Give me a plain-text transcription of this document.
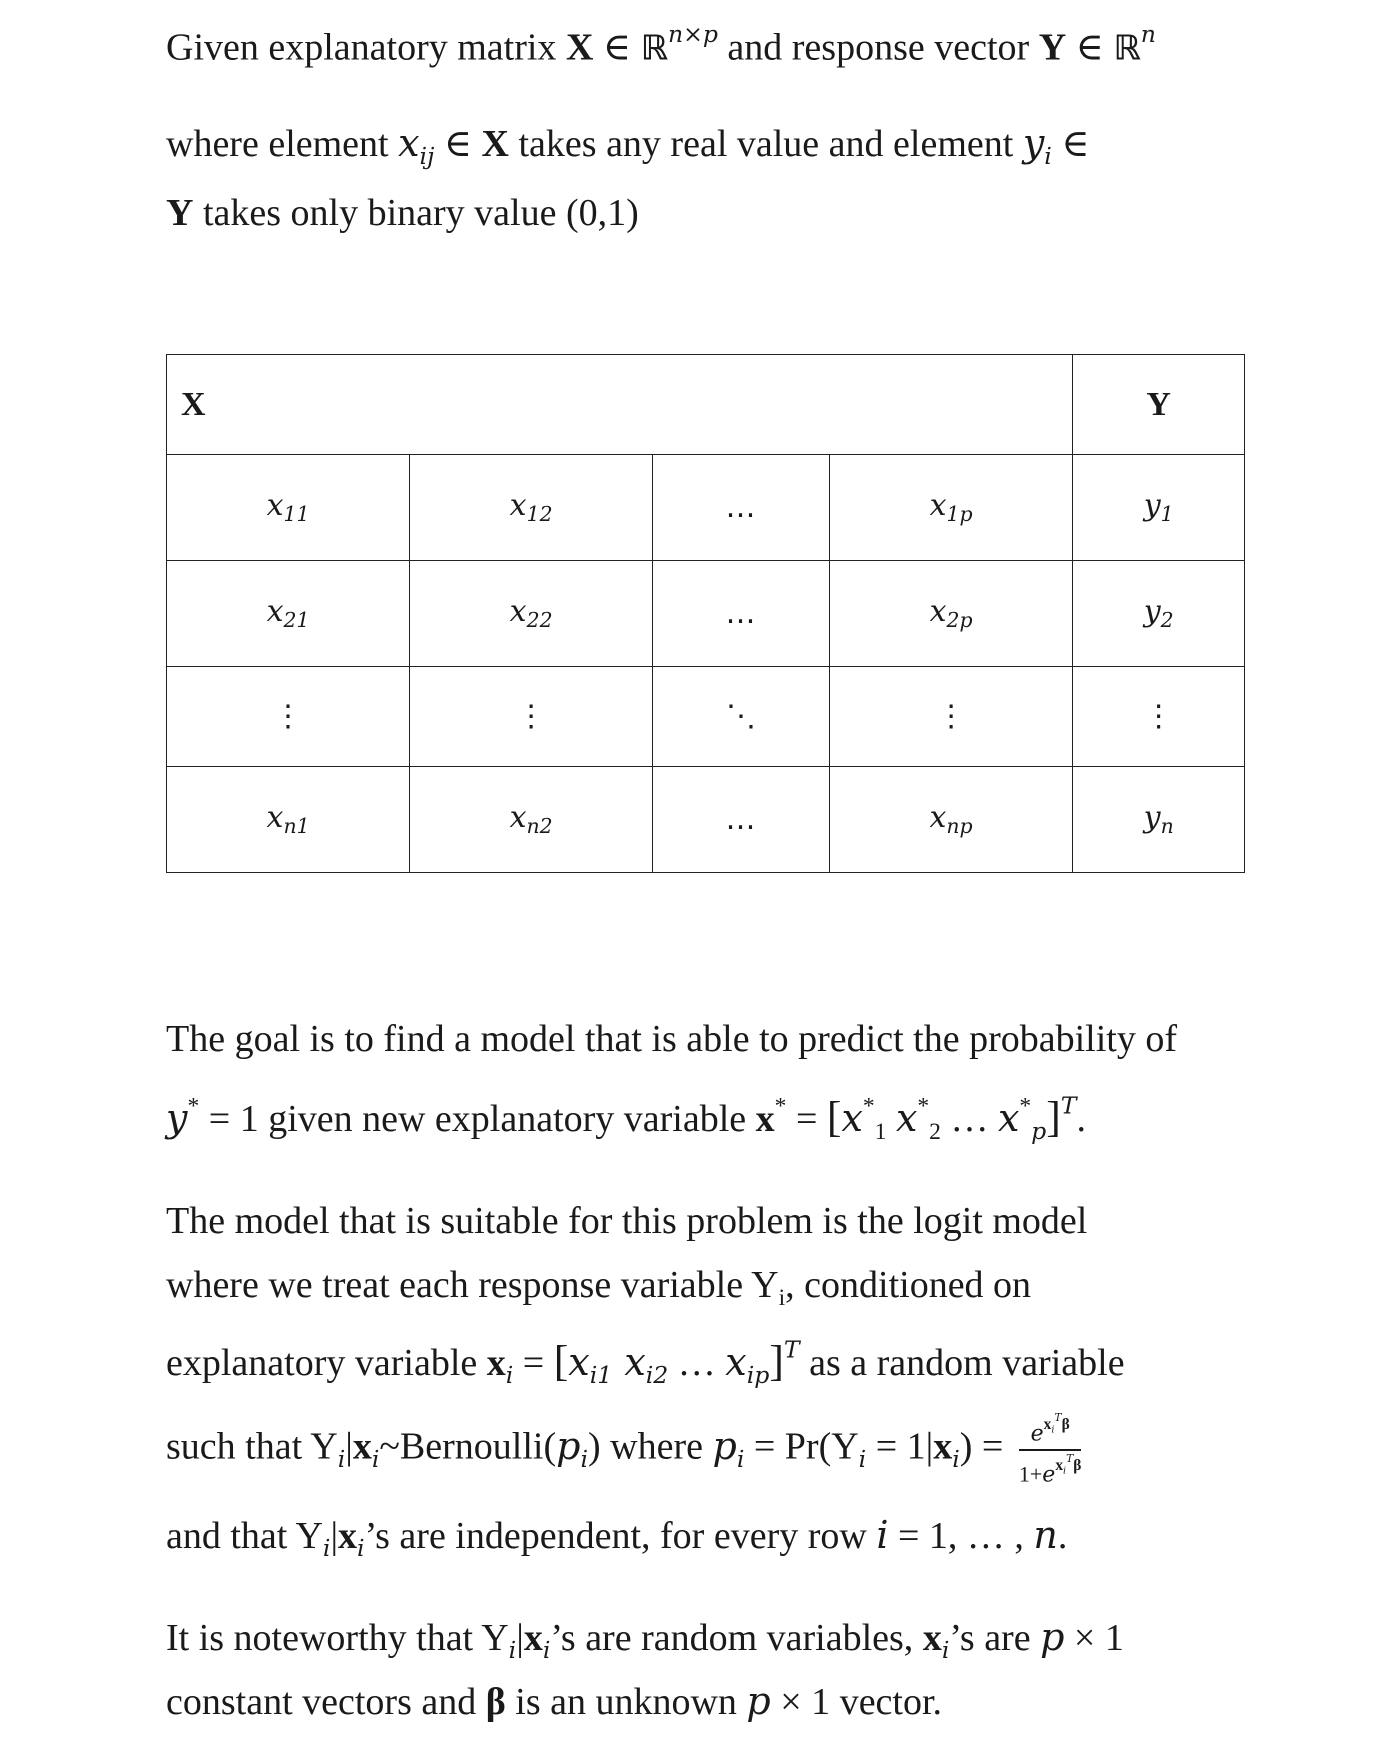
Given explanatory matrix X ∈ ℝ$^{n\times p}$ and response vector Y ∈ ℝ$^n$
where element $x_{ij}$ ∈ X takes any real value and element $y_i$ ∈
Y takes only binary value (0,1)
X				Y
$x_{11}$	$x_{12}$	…	$x_{1p}$	$y_1$
$x_{21}$	$x_{22}$	…	$x_{2p}$	$y_2$
⋮	⋮	⋱	⋮	⋮
$x_{n1}$	$x_{n2}$	…	$x_{np}$	$y_n$
The goal is to find a model that is able to predict the probability of
y* = 1 given new explanatory variable $x^* = [x^*_1$ $x^*_2$ … $x^*_p]^T$.
The model that is suitable for this problem is the logit model
where we treat each response variable $Y_i$, conditioned on
explanatory variable $x_i = [x_{i1}$ $x_{i2}$ … $x_{ip}]^T$ as a random variable
such that $Y_i|x_i\sim Bernoulli(p_i)$ where $p_i = Pr(Y_i = 1|x_i) = \frac{e^{x_i^T\beta}}{1+e^{x_i^T\beta}}$
and that $Y_i|x_i’s$ are independent, for every row i = 1, … , n.
It is noteworthy that $Y_i|x_i’s$ are random variables, $x_i’s$ are p × 1
constant vectors and β is an unknown p × 1 vector.
